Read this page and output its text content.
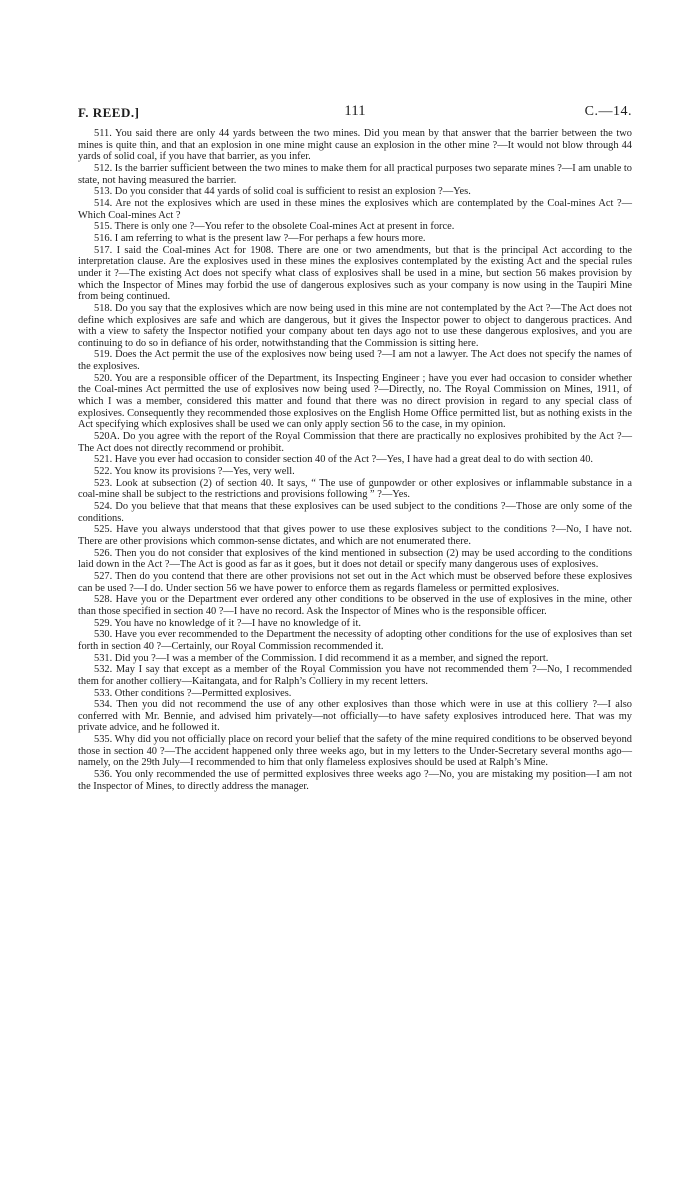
F. REED.]	111	C.—14.

511. You said there are only 44 yards between the two mines. Did you mean by that answer that the barrier between the two mines is quite thin, and that an explosion in one mine might cause an explosion in the other mine ?—It would not blow through 44 yards of solid coal, if you have that barrier, as you infer.

512. Is the barrier sufficient between the two mines to make them for all practical purposes two separate mines ?—I am unable to state, not having measured the barrier.

513. Do you consider that 44 yards of solid coal is sufficient to resist an explosion ?—Yes.

514. Are not the explosives which are used in these mines the explosives which are contemplated by the Coal-mines Act ?—Which Coal-mines Act ?

515. There is only one ?—You refer to the obsolete Coal-mines Act at present in force.

516. I am referring to what is the present law ?—For perhaps a few hours more.

517. I said the Coal-mines Act for 1908. There are one or two amendments, but that is the principal Act according to the interpretation clause. Are the explosives used in these mines the explosives contemplated by the existing Act and the special rules under it ?—The existing Act does not specify what class of explosives shall be used in a mine, but section 56 makes provision by which the Inspector of Mines may forbid the use of dangerous explosives such as your company is now using in the Taupiri Mine from being continued.

518. Do you say that the explosives which are now being used in this mine are not contemplated by the Act ?—The Act does not define which explosives are safe and which are dangerous, but it gives the Inspector power to object to dangerous practices. And with a view to safety the Inspector notified your company about ten days ago not to use these dangerous explosives, and you are continuing to do so in defiance of his order, notwithstanding that the Commission is sitting here.

519. Does the Act permit the use of the explosives now being used ?—I am not a lawyer. The Act does not specify the names of the explosives.

520. You are a responsible officer of the Department, its Inspecting Engineer ; have you ever had occasion to consider whether the Coal-mines Act permitted the use of explosives now being used ?—Directly, no. The Royal Commission on Mines, 1911, of which I was a member, considered this matter and found that there was no direct provision in regard to any special class of explosives. Consequently they recommended those explosives on the English Home Office permitted list, but as nothing exists in the Act specifying which explosives shall be used we can only apply section 56 to the case, in my opinion.

520A. Do you agree with the report of the Royal Commission that there are practically no explosives prohibited by the Act ?—The Act does not directly recommend or prohibit.

521. Have you ever had occasion to consider section 40 of the Act ?—Yes, I have had a great deal to do with section 40.

522. You know its provisions ?—Yes, very well.

523. Look at subsection (2) of section 40. It says, “ The use of gunpowder or other explosives or inflammable substance in a coal-mine shall be subject to the restrictions and provisions following ” ?—Yes.

524. Do you believe that that means that these explosives can be used subject to the conditions ?—Those are only some of the conditions.

525. Have you always understood that that gives power to use these explosives subject to the conditions ?—No, I have not. There are other provisions which common-sense dictates, and which are not enumerated there.

526. Then you do not consider that explosives of the kind mentioned in subsection (2) may be used according to the conditions laid down in the Act ?—The Act is good as far as it goes, but it does not detail or specify many dangerous uses of explosives.

527. Then do you contend that there are other provisions not set out in the Act which must be observed before these explosives can be used ?—I do. Under section 56 we have power to enforce them as regards flameless or permitted explosives.

528. Have you or the Department ever ordered any other conditions to be observed in the use of explosives in the mine, other than those specified in section 40 ?—I have no record. Ask the Inspector of Mines who is the responsible officer.

529. You have no knowledge of it ?—I have no knowledge of it.

530. Have you ever recommended to the Department the necessity of adopting other conditions for the use of explosives than set forth in section 40 ?—Certainly, our Royal Commission recommended it.

531. Did you ?—I was a member of the Commission. I did recommend it as a member, and signed the report.

532. May I say that except as a member of the Royal Commission you have not recommended them ?—No, I recommended them for another colliery—Kaitangata, and for Ralph’s Colliery in my recent letters.

533. Other conditions ?—Permitted explosives.

534. Then you did not recommend the use of any other explosives than those which were in use at this colliery ?—I also conferred with Mr. Bennie, and advised him privately—not officially—to have safety explosives introduced here. That was my private advice, and he followed it.

535. Why did you not officially place on record your belief that the safety of the mine required conditions to be observed beyond those in section 40 ?—The accident happened only three weeks ago, but in my letters to the Under-Secretary several months ago—namely, on the 29th July—I recommended to him that only flameless explosives should be used at Ralph’s Mine.

536. You only recommended the use of permitted explosives three weeks ago ?—No, you are mistaking my position—I am not the Inspector of Mines, to directly address the manager.
